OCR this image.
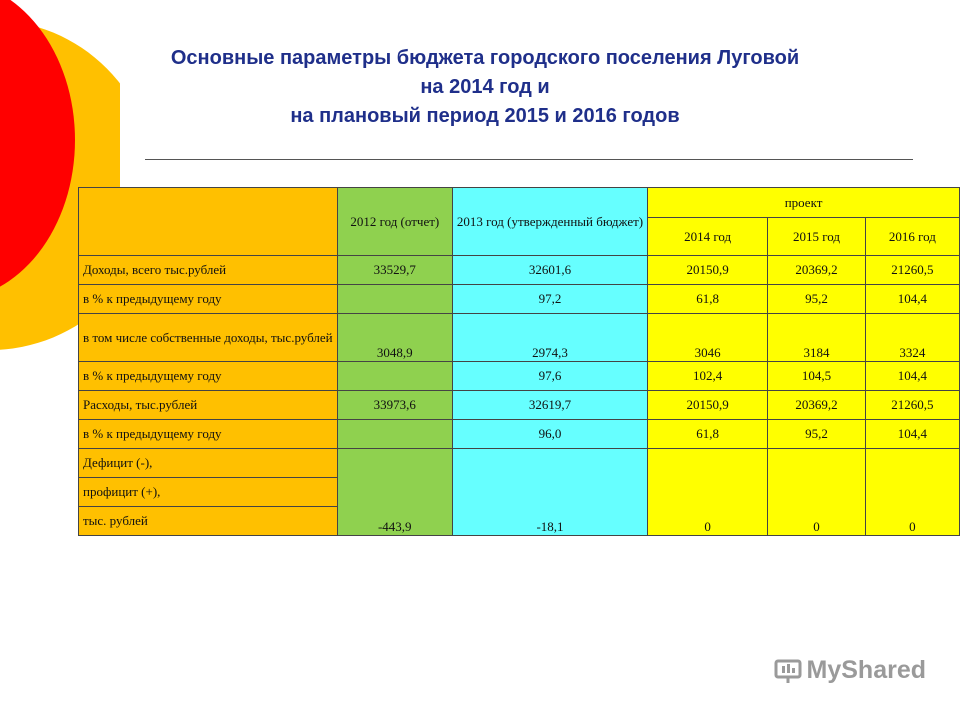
Основные параметры бюджета городского поселения Луговой
на 2014 год и
на плановый период 2015 и 2016 годов
	2012 год (отчет)	2013 год (утвержденный бюджет)	проект		
			2014 год	2015 год	2016 год
Доходы, всего тыс.рублей	33529,7	32601,6	20150,9	20369,2	21260,5
в % к предыдущему году		97,2	61,8	95,2	104,4
в том числе собственные доходы, тыс.рублей	3048,9	2974,3	3046	3184	3324
в % к предыдущему году		97,6	102,4	104,5	104,4
Расходы, тыс.рублей	33973,6	32619,7	20150,9	20369,2	21260,5
в % к предыдущему году		96,0	61,8	95,2	104,4
Дефицит (-),	-443,9	-18,1	0	0	0
профицит (+),					
тыс. рублей					
MyShared
